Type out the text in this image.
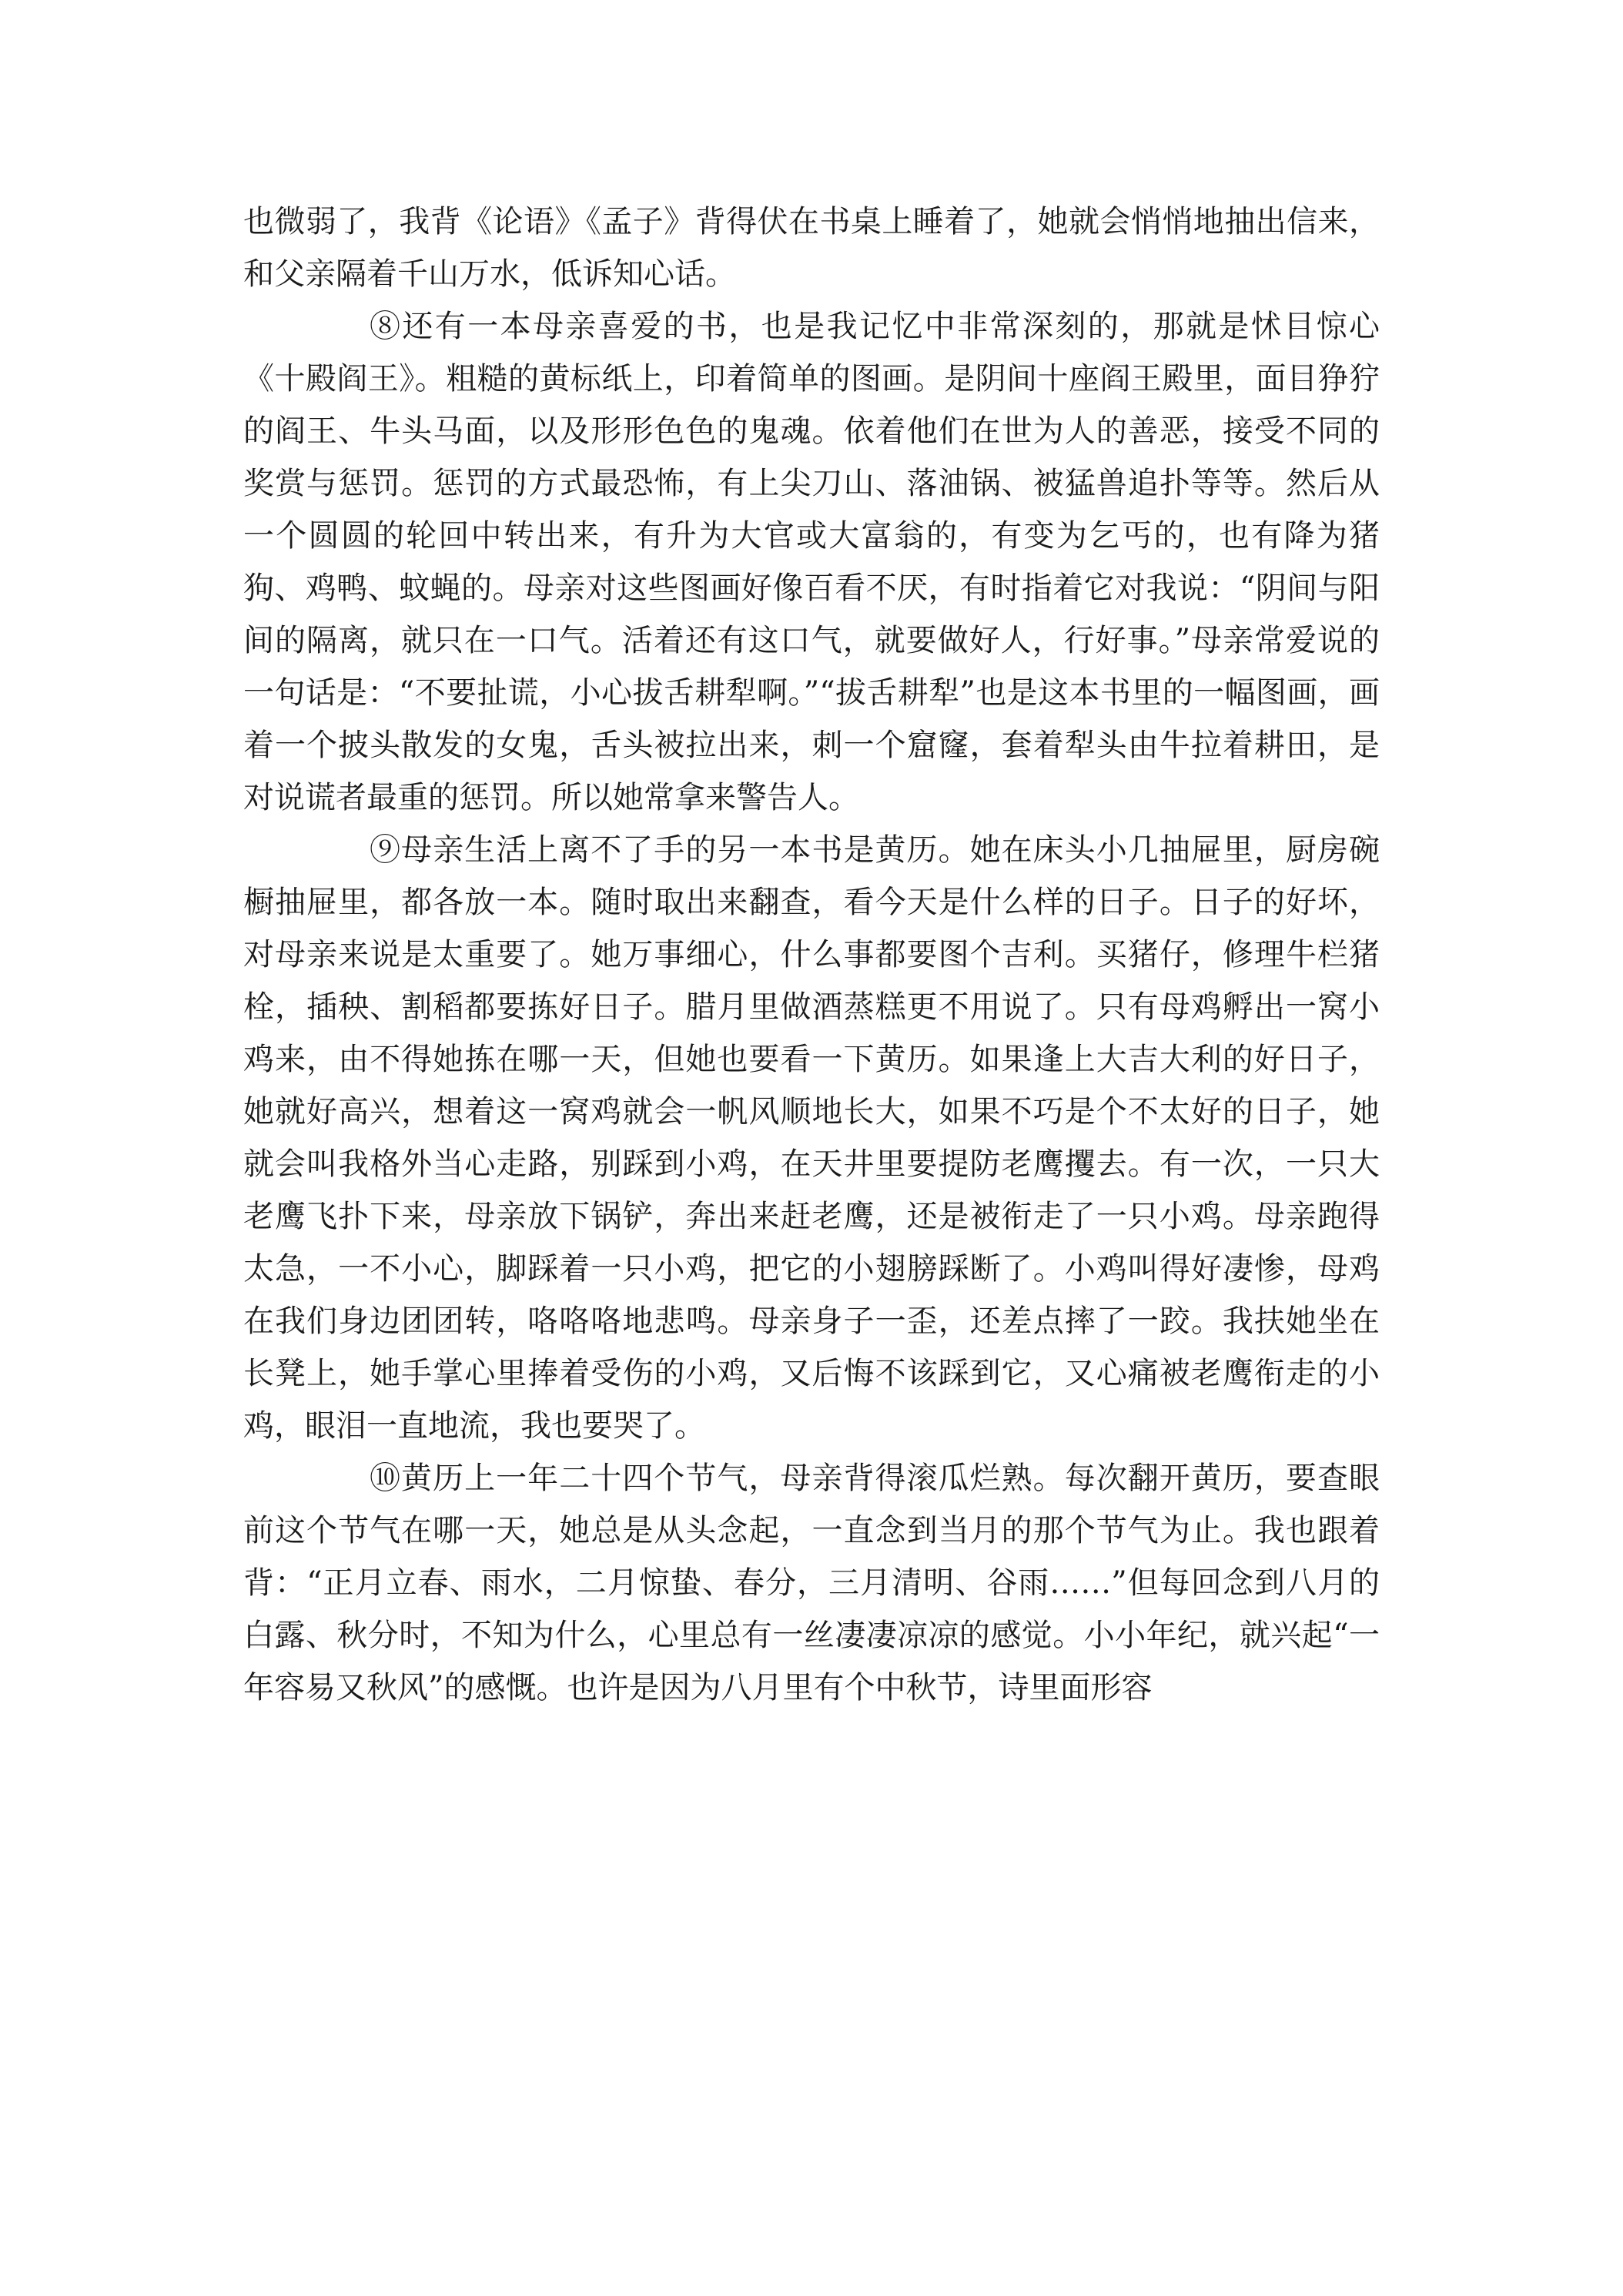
也微弱了，我背《论语》《孟子》背得伏在书桌上睡着了，她就会悄悄地抽出信来，和父亲隔着千山万水，低诉知心话。

⑧还有一本母亲喜爱的书，也是我记忆中非常深刻的，那就是怵目惊心《十殿阎王》。粗糙的黄标纸上，印着简单的图画。是阴间十座阎王殿里，面目狰狞的阎王、牛头马面，以及形形色色的鬼魂。依着他们在世为人的善恶，接受不同的奖赏与惩罚。惩罚的方式最恐怖，有上尖刀山、落油锅、被猛兽追扑等等。然后从一个圆圆的轮回中转出来，有升为大官或大富翁的，有变为乞丐的，也有降为猪狗、鸡鸭、蚊蝇的。母亲对这些图画好像百看不厌，有时指着它对我说：“阴间与阳间的隔离，就只在一口气。活着还有这口气，就要做好人，行好事。”母亲常爱说的一句话是：“不要扯谎，小心拔舌耕犁啊。”“拔舌耕犁”也是这本书里的一幅图画，画着一个披头散发的女鬼，舌头被拉出来，刺一个窟窿，套着犁头由牛拉着耕田，是对说谎者最重的惩罚。所以她常拿来警告人。

⑨母亲生活上离不了手的另一本书是黄历。她在床头小几抽屉里，厨房碗橱抽屉里，都各放一本。随时取出来翻查，看今天是什么样的日子。日子的好坏，对母亲来说是太重要了。她万事细心，什么事都要图个吉利。买猪仔，修理牛栏猪栓，插秧、割稻都要拣好日子。腊月里做酒蒸糕更不用说了。只有母鸡孵出一窝小鸡来，由不得她拣在哪一天，但她也要看一下黄历。如果逢上大吉大利的好日子，她就好高兴，想着这一窝鸡就会一帆风顺地长大，如果不巧是个不太好的日子，她就会叫我格外当心走路，别踩到小鸡，在天井里要提防老鹰攫去。有一次，一只大老鹰飞扑下来，母亲放下锅铲，奔出来赶老鹰，还是被衔走了一只小鸡。母亲跑得太急，一不小心，脚踩着一只小鸡，把它的小翅膀踩断了。小鸡叫得好凄惨，母鸡在我们身边团团转，咯咯咯地悲鸣。母亲身子一歪，还差点摔了一跤。我扶她坐在长凳上，她手掌心里捧着受伤的小鸡，又后悔不该踩到它，又心痛被老鹰衔走的小鸡，眼泪一直地流，我也要哭了。

⑩黄历上一年二十四个节气，母亲背得滚瓜烂熟。每次翻开黄历，要查眼前这个节气在哪一天，她总是从头念起，一直念到当月的那个节气为止。我也跟着背：“正月立春、雨水，二月惊蛰、春分，三月清明、谷雨……”但每回念到八月的白露、秋分时，不知为什么，心里总有一丝凄凄凉凉的感觉。小小年纪，就兴起“一年容易又秋风”的感慨。也许是因为八月里有个中秋节，诗里面形容
